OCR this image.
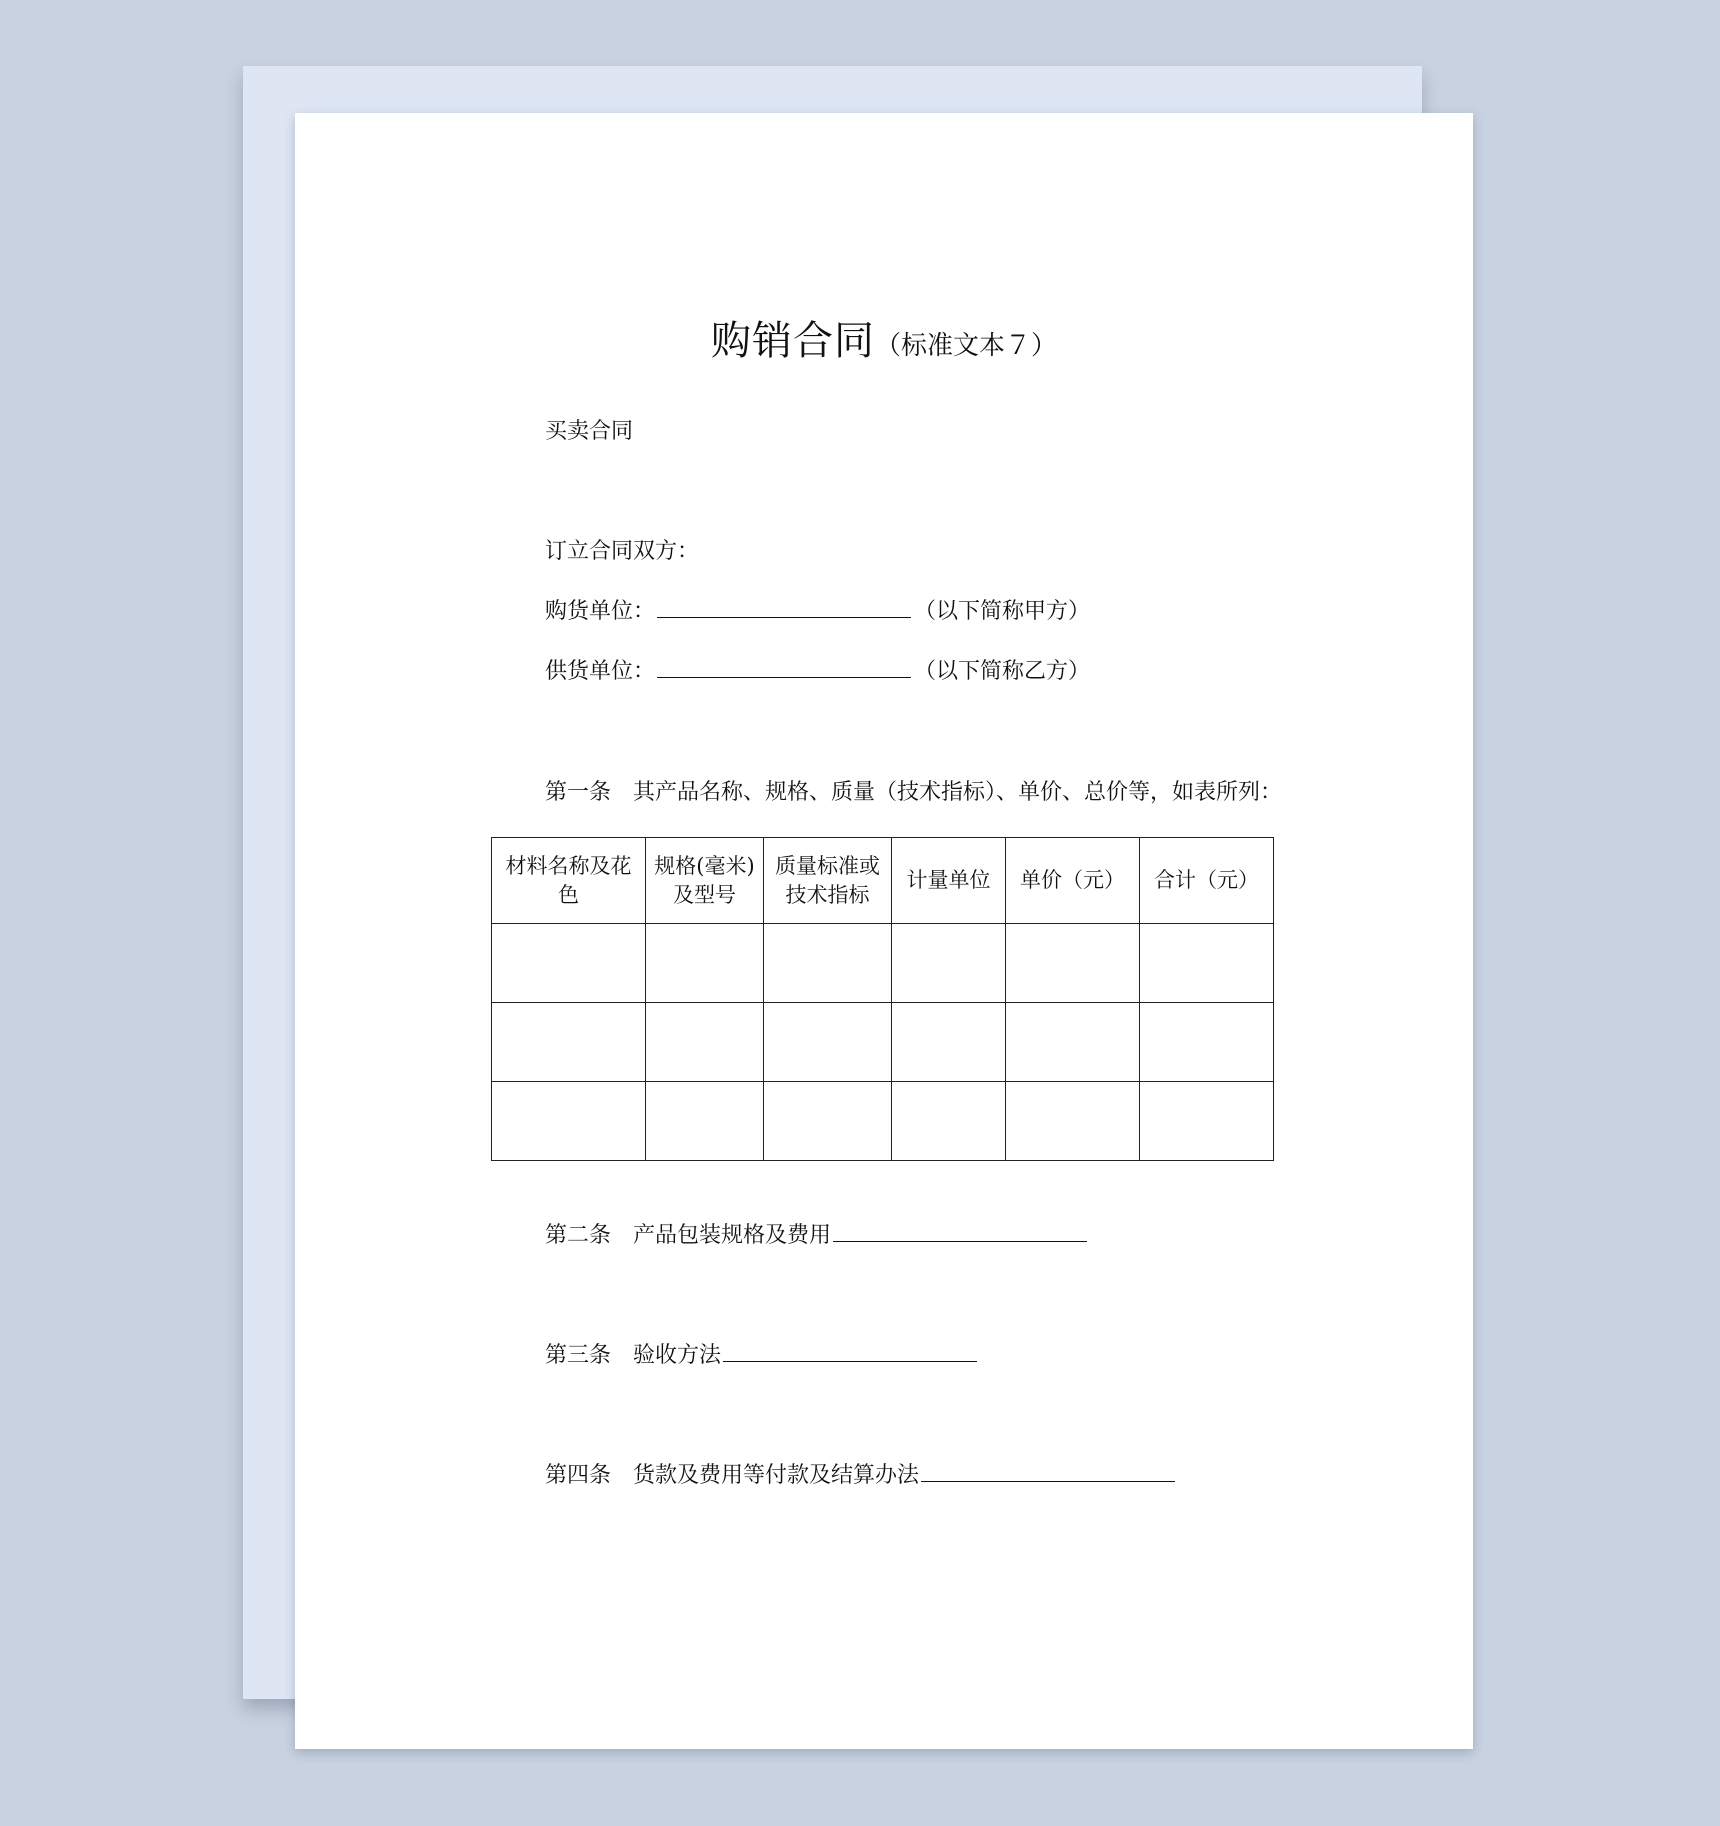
购销合同（标准文本７）
买卖合同
订立合同双方：
购货单位：	（以下简称甲方）
供货单位：	（以下简称乙方）
第一条 其产品名称、规格、质量（技术指标）、单价、总价等，如表所列：
材料名称及花色	规格(毫米)及型号	质量标准或技术指标	计量单位	单价（元）	合计（元）

第二条 产品包装规格及费用
第三条 验收方法
第四条 货款及费用等付款及结算办法
